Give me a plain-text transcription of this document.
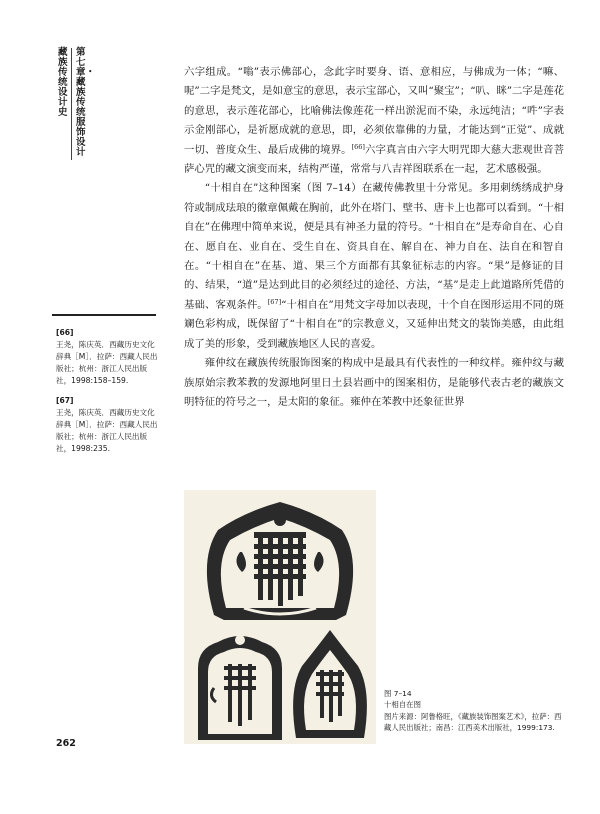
藏族传统设计史
第七章・藏族传统服饰设计
[66]
王尧，陈庆英．西藏历史文化辞典［M］．拉萨：西藏人民出版社；杭州：浙江人民出版社，1998:158–159.
[67]
王尧，陈庆英．西藏历史文化辞典［M］．拉萨：西藏人民出版社；杭州：浙江人民出版社，1998:235.

六字组成。“嗡”表示佛部心，念此字时要身、语、意相应，与佛成为一体；“嘛、呢”二字是梵文，是如意宝的意思，表示宝部心，又叫“聚宝”；“叭、眯”二字是莲花的意思，表示莲花部心，比喻佛法像莲花一样出淤泥而不染，永远纯洁；“吽”字表示金刚部心，是祈愿成就的意思，即，必须依靠佛的力量，才能达到“正觉”、成就一切、普度众生、最后成佛的境界。[66]六字真言由六字大明咒即大慈大悲观世音菩萨心咒的藏文演变而来，结构严谨，常常与八吉祥图联系在一起，艺术感极强。

“十相自在”这种图案（图 7–14）在藏传佛教里十分常见。多用刺绣绣成护身符或制成珐琅的徽章佩戴在胸前，此外在塔门、壁书、唐卡上也都可以看到。“十相自在”在佛理中简单来说，便是具有神圣力量的符号。“十相自在”是寿命自在、心自在、愿自在、业自在、受生自在、资具自在、解自在、神力自在、法自在和智自在。“十相自在”在基、道、果三个方面都有其象征标志的内容。“果”是修证的目的、结果，“道”是达到此目的必须经过的途径、方法，“基”是走上此道路所凭借的基础、客观条件。[67]“十相自在”用梵文字母加以表现，十个自在图形运用不同的斑斓色彩构成，既保留了“十相自在”的宗教意义，又延伸出梵文的装饰美感，由此组成了美的形象，受到藏族地区人民的喜爱。

雍仲纹在藏族传统服饰图案的构成中是最具有代表性的一种纹样。雍仲纹与藏族原始宗教苯教的发源地阿里日土县岩画中的图案相仿，是能够代表古老的藏族文明特征的符号之一，是太阳的象征。雍仲在苯教中还象征世界

图 7–14
十相自在图
图片来源：阿鲁格旺，《藏族装饰图案艺术》，拉萨：西藏人民出版社；南昌：江西美术出版社，1999:173.
262
